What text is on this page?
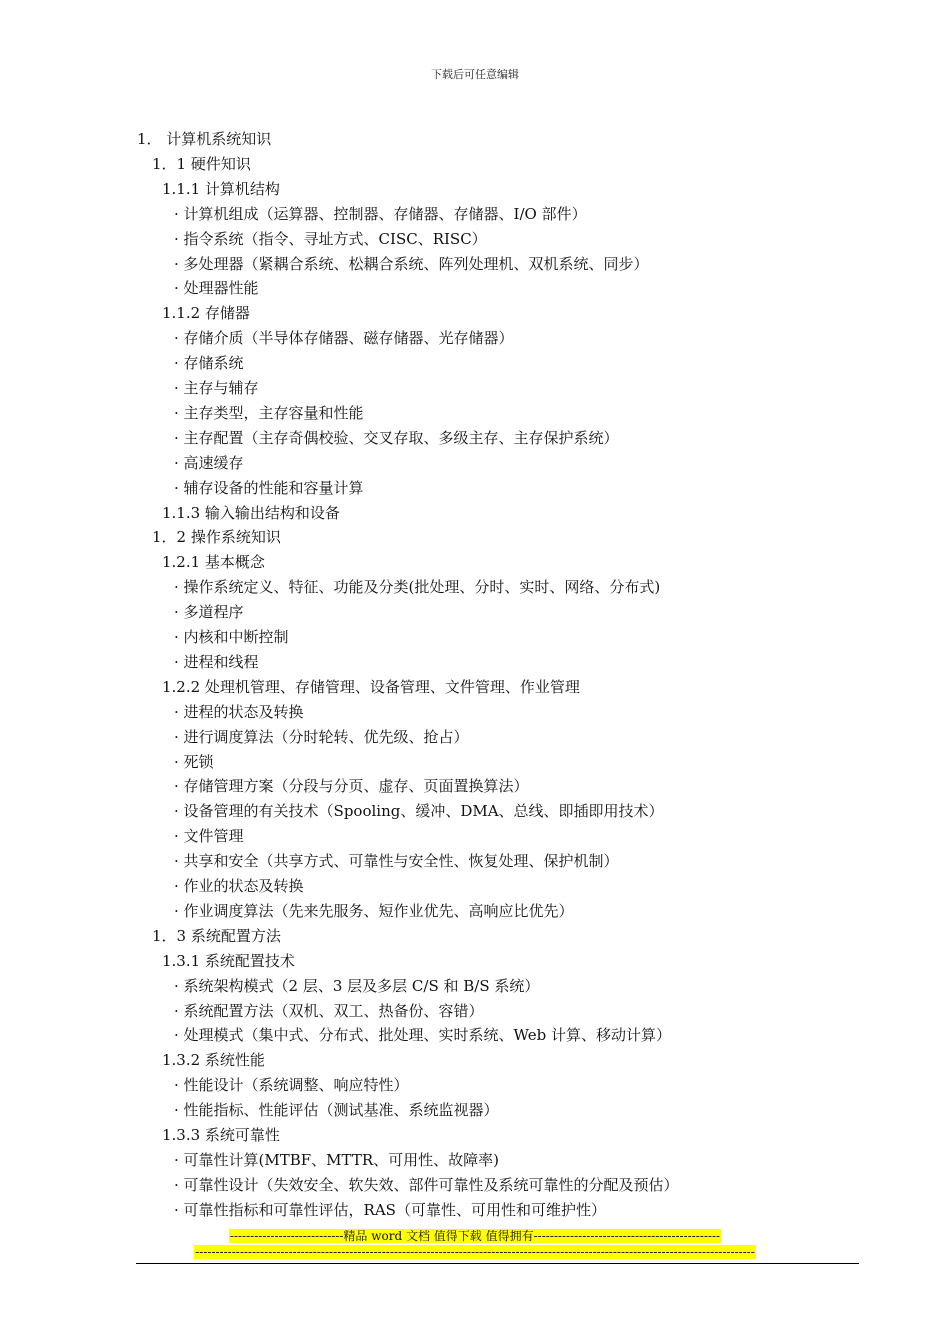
下载后可任意编辑
1． 计算机系统知识
1．1 硬件知识
1.1.1 计算机结构
· 计算机组成（运算器、控制器、存储器、存储器、I/O 部件）
· 指令系统（指令、寻址方式、CISC、RISC）
· 多处理器（紧耦合系统、松耦合系统、阵列处理机、双机系统、同步）
· 处理器性能
1.1.2 存储器
· 存储介质（半导体存储器、磁存储器、光存储器）
· 存储系统
· 主存与辅存
· 主存类型，主存容量和性能
· 主存配置（主存奇偶校验、交叉存取、多级主存、主存保护系统）
· 高速缓存
· 辅存设备的性能和容量计算
1.1.3 输入输出结构和设备
1．2 操作系统知识
1.2.1 基本概念
· 操作系统定义、特征、功能及分类(批处理、分时、实时、网络、分布式)
· 多道程序
· 内核和中断控制
· 进程和线程
1.2.2 处理机管理、存储管理、设备管理、文件管理、作业管理
· 进程的状态及转换
· 进行调度算法（分时轮转、优先级、抢占）
· 死锁
· 存储管理方案（分段与分页、虚存、页面置换算法）
· 设备管理的有关技术（Spooling、缓冲、DMA、总线、即插即用技术）
· 文件管理
· 共享和安全（共享方式、可靠性与安全性、恢复处理、保护机制）
· 作业的状态及转换
· 作业调度算法（先来先服务、短作业优先、高响应比优先）
1．3 系统配置方法
1.3.1 系统配置技术
· 系统架构模式（2 层、3 层及多层 C/S 和 B/S 系统）
· 系统配置方法（双机、双工、热备份、容错）
· 处理模式（集中式、分布式、批处理、实时系统、Web 计算、移动计算）
1.3.2 系统性能
· 性能设计（系统调整、响应特性）
· 性能指标、性能评估（测试基准、系统监视器）
1.3.3 系统可靠性
· 可靠性计算(MTBF、MTTR、可用性、故障率)
· 可靠性设计（失效安全、软失效、部件可靠性及系统可靠性的分配及预估）
· 可靠性指标和可靠性评估，RAS（可靠性、可用性和可维护性）
----------------------------精品 word 文档 值得下载 值得拥有----------------------------------------------
------------------------------------------------------------------------------------------------------------------------------------------
